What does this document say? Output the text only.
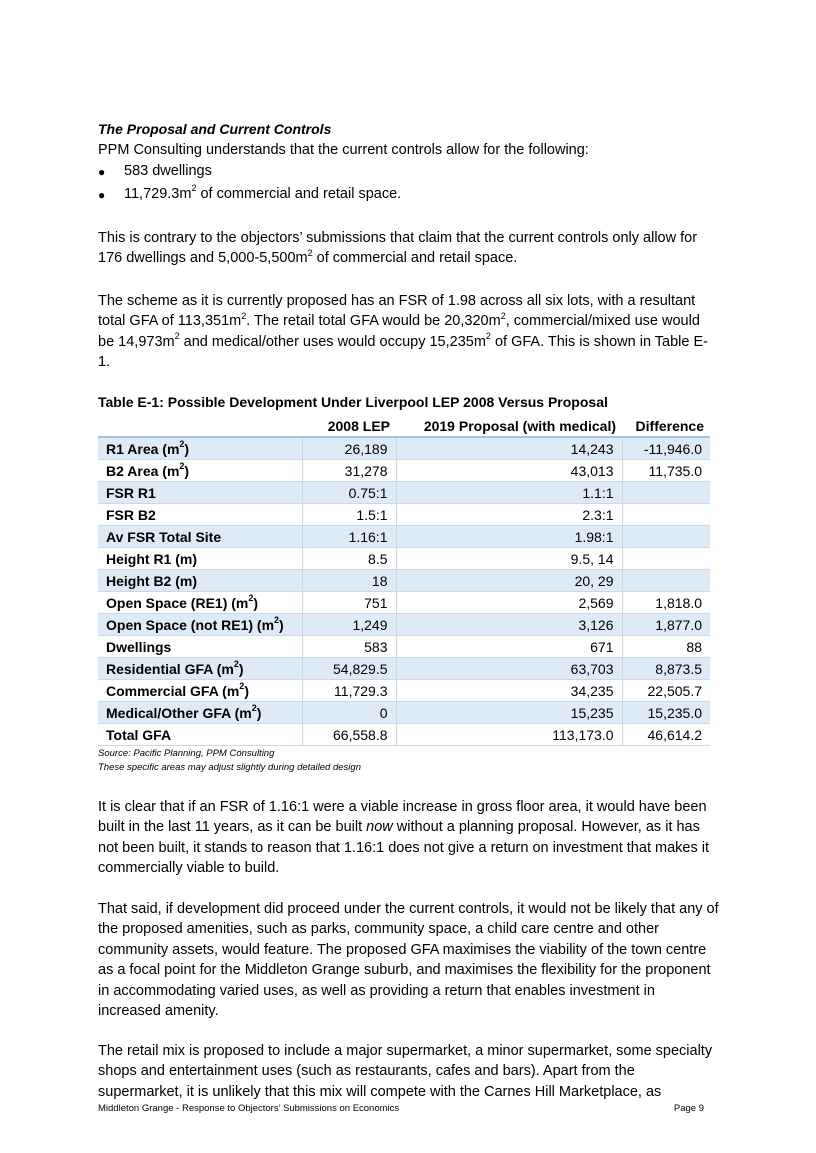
The Proposal and Current Controls

PPM Consulting understands that the current controls allow for the following:

●	583 dwellings
●	$11,729.3m^2$ of commercial and retail space.

This is contrary to the objectors’ submissions that claim that the current controls only allow for 176 dwellings and $5,000-5,500m^2$ of commercial and retail space.

The scheme as it is currently proposed has an FSR of 1.98 across all six lots, with a resultant total GFA of $113,351m^2$. The retail total GFA would be $20,320m^2$, commercial/mixed use would be $14,973m^2$ and medical/other uses would occupy $15,235m^2$ of GFA. This is shown in Table E-1.

Table E-1: Possible Development Under Liverpool LEP 2008 Versus Proposal
	2008 LEP	2019 Proposal (with medical)	Difference
R1 Area $(m^2)$	26,189	14,243	-11,946.0
B2 Area $(m^2)$	31,278	43,013	11,735.0
FSR R1	0.75:1	1.1:1	
FSR B2	1.5:1	2.3:1	
Av FSR Total Site	1.16:1	1.98:1	
Height R1 (m)	8.5	9.5, 14	
Height B2 (m)	18	20, 29	
Open Space (RE1) $(m^2)$	751	2,569	1,818.0
Open Space (not RE1) $(m^2)$	1,249	3,126	1,877.0
Dwellings	583	671	88
Residential GFA $(m^2)$	54,829.5	63,703	8,873.5
Commercial GFA $(m^2)$	11,729.3	34,235	22,505.7
Medical/Other GFA $(m^2)$	0	15,235	15,235.0
Total GFA	66,558.8	113,173.0	46,614.2
Source: Pacific Planning, PPM Consulting
These specific areas may adjust slightly during detailed design

It is clear that if an FSR of 1.16:1 were a viable increase in gross floor area, it would have been built in the last 11 years, as it can be built now without a planning proposal. However, as it has not been built, it stands to reason that 1.16:1 does not give a return on investment that makes it commercially viable to build.

That said, if development did proceed under the current controls, it would not be likely that any of the proposed amenities, such as parks, community space, a child care centre and other community assets, would feature. The proposed GFA maximises the viability of the town centre as a focal point for the Middleton Grange suburb, and maximises the flexibility for the proponent in accommodating varied uses, as well as providing a return that enables investment in increased amenity.

The retail mix is proposed to include a major supermarket, a minor supermarket, some specialty shops and entertainment uses (such as restaurants, cafes and bars). Apart from the supermarket, it is unlikely that this mix will compete with the Carnes Hill Marketplace, as

Middleton Grange - Response to Objectors’ Submissions on Economics	Page 9
